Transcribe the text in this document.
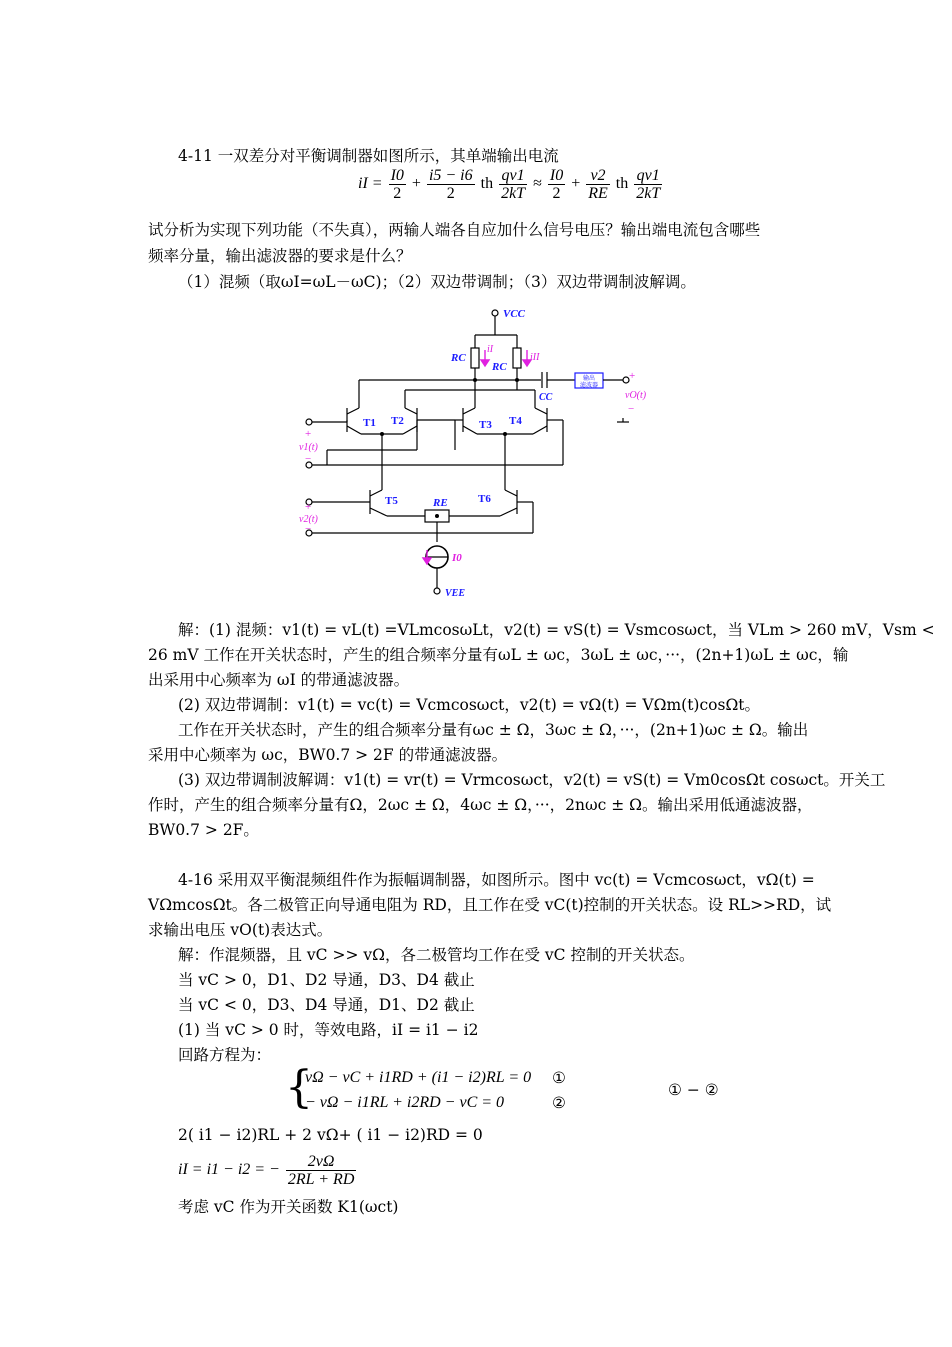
4-11 一双差分对平衡调制器如图所示，其单端输出电流
iI = $\frac{I0}{2} + \frac{i5 - i6}{2}$ th $\frac{qv1}{2kT} \approx \frac{I0}{2} + \frac{v2}{RE}$ th $\frac{qv1}{2kT}$
试分析为实现下列功能（不失真），两输人端各自应加什么信号电压？输出端电流包含哪些
频率分量，输出滤波器的要求是什么？
（1）混频（取ωI=ωL－ωC)；（2）双边带调制；（3）双边带调制波解调。
VCC
RC
iI
RC
iII
CC
输出
滤波器
+
vO(t)
−
T1 T2	T3 T4
+
v1(t)
−
T5	T6
RE
+
v2(t)
−
I0
VEE
解：(1) 混频：v1(t) = vL(t) =VLmcosωLt，v2(t) = vS(t) = Vsmcosωct，当 VLm > 260 mV，Vsm <
26 mV 工作在开关状态时，产生的组合频率分量有ωL ± ωc，3ωL ± ωc，···，(2n+1)ωL ± ωc，输
出采用中心频率为 ωI 的带通滤波器。
(2) 双边带调制：v1(t) = vc(t) = Vcmcosωct，v2(t) = vΩ(t) = VΩm(t)cosΩt。
工作在开关状态时，产生的组合频率分量有ωc ± Ω，3ωc ± Ω，···，(2n+1)ωc ± Ω。输出
采用中心频率为 ωc，BW0.7 > 2F 的带通滤波器。
(3) 双边带调制波解调：v1(t) = vr(t) = Vrmcosωct，v2(t) = vS(t) = Vm0cosΩt cosωct。开关工
作时，产生的组合频率分量有Ω，2ωc ± Ω，4ωc ± Ω，···，2nωc ± Ω。输出采用低通滤波器，
BW0.7 > 2F。
4-16 采用双平衡混频组件作为振幅调制器，如图所示。图中 vc(t) = Vcmcosωct，vΩ(t) =
VΩmcosΩt。各二极管正向导通电阻为 RD，且工作在受 vC(t)控制的开关状态。设 RL>>RD，试
求输出电压 vO(t)表达式。
解：作混频器，且 vC >> vΩ，各二极管均工作在受 vC 控制的开关状态。
当 vC > 0，D1、D2 导通，D3、D4 截止
当 vC < 0，D3、D4 导通，D1、D2 截止
(1) 当 vC > 0 时，等效电路，iI = i1 − i2
回路方程为：
{
vΩ − vC + i1RD + (i1 − i2)RL = 0 ①
− vΩ − i1RL + i2RD − vC = 0	②
① − ②
2( i1 − i2)RL + 2 vΩ+ ( i1 − i2)RD = 0
iI = i1 − i2 = − $\frac{2v\Omega}{2RL + RD}$
考虑 vC 作为开关函数 K1(ωct)
